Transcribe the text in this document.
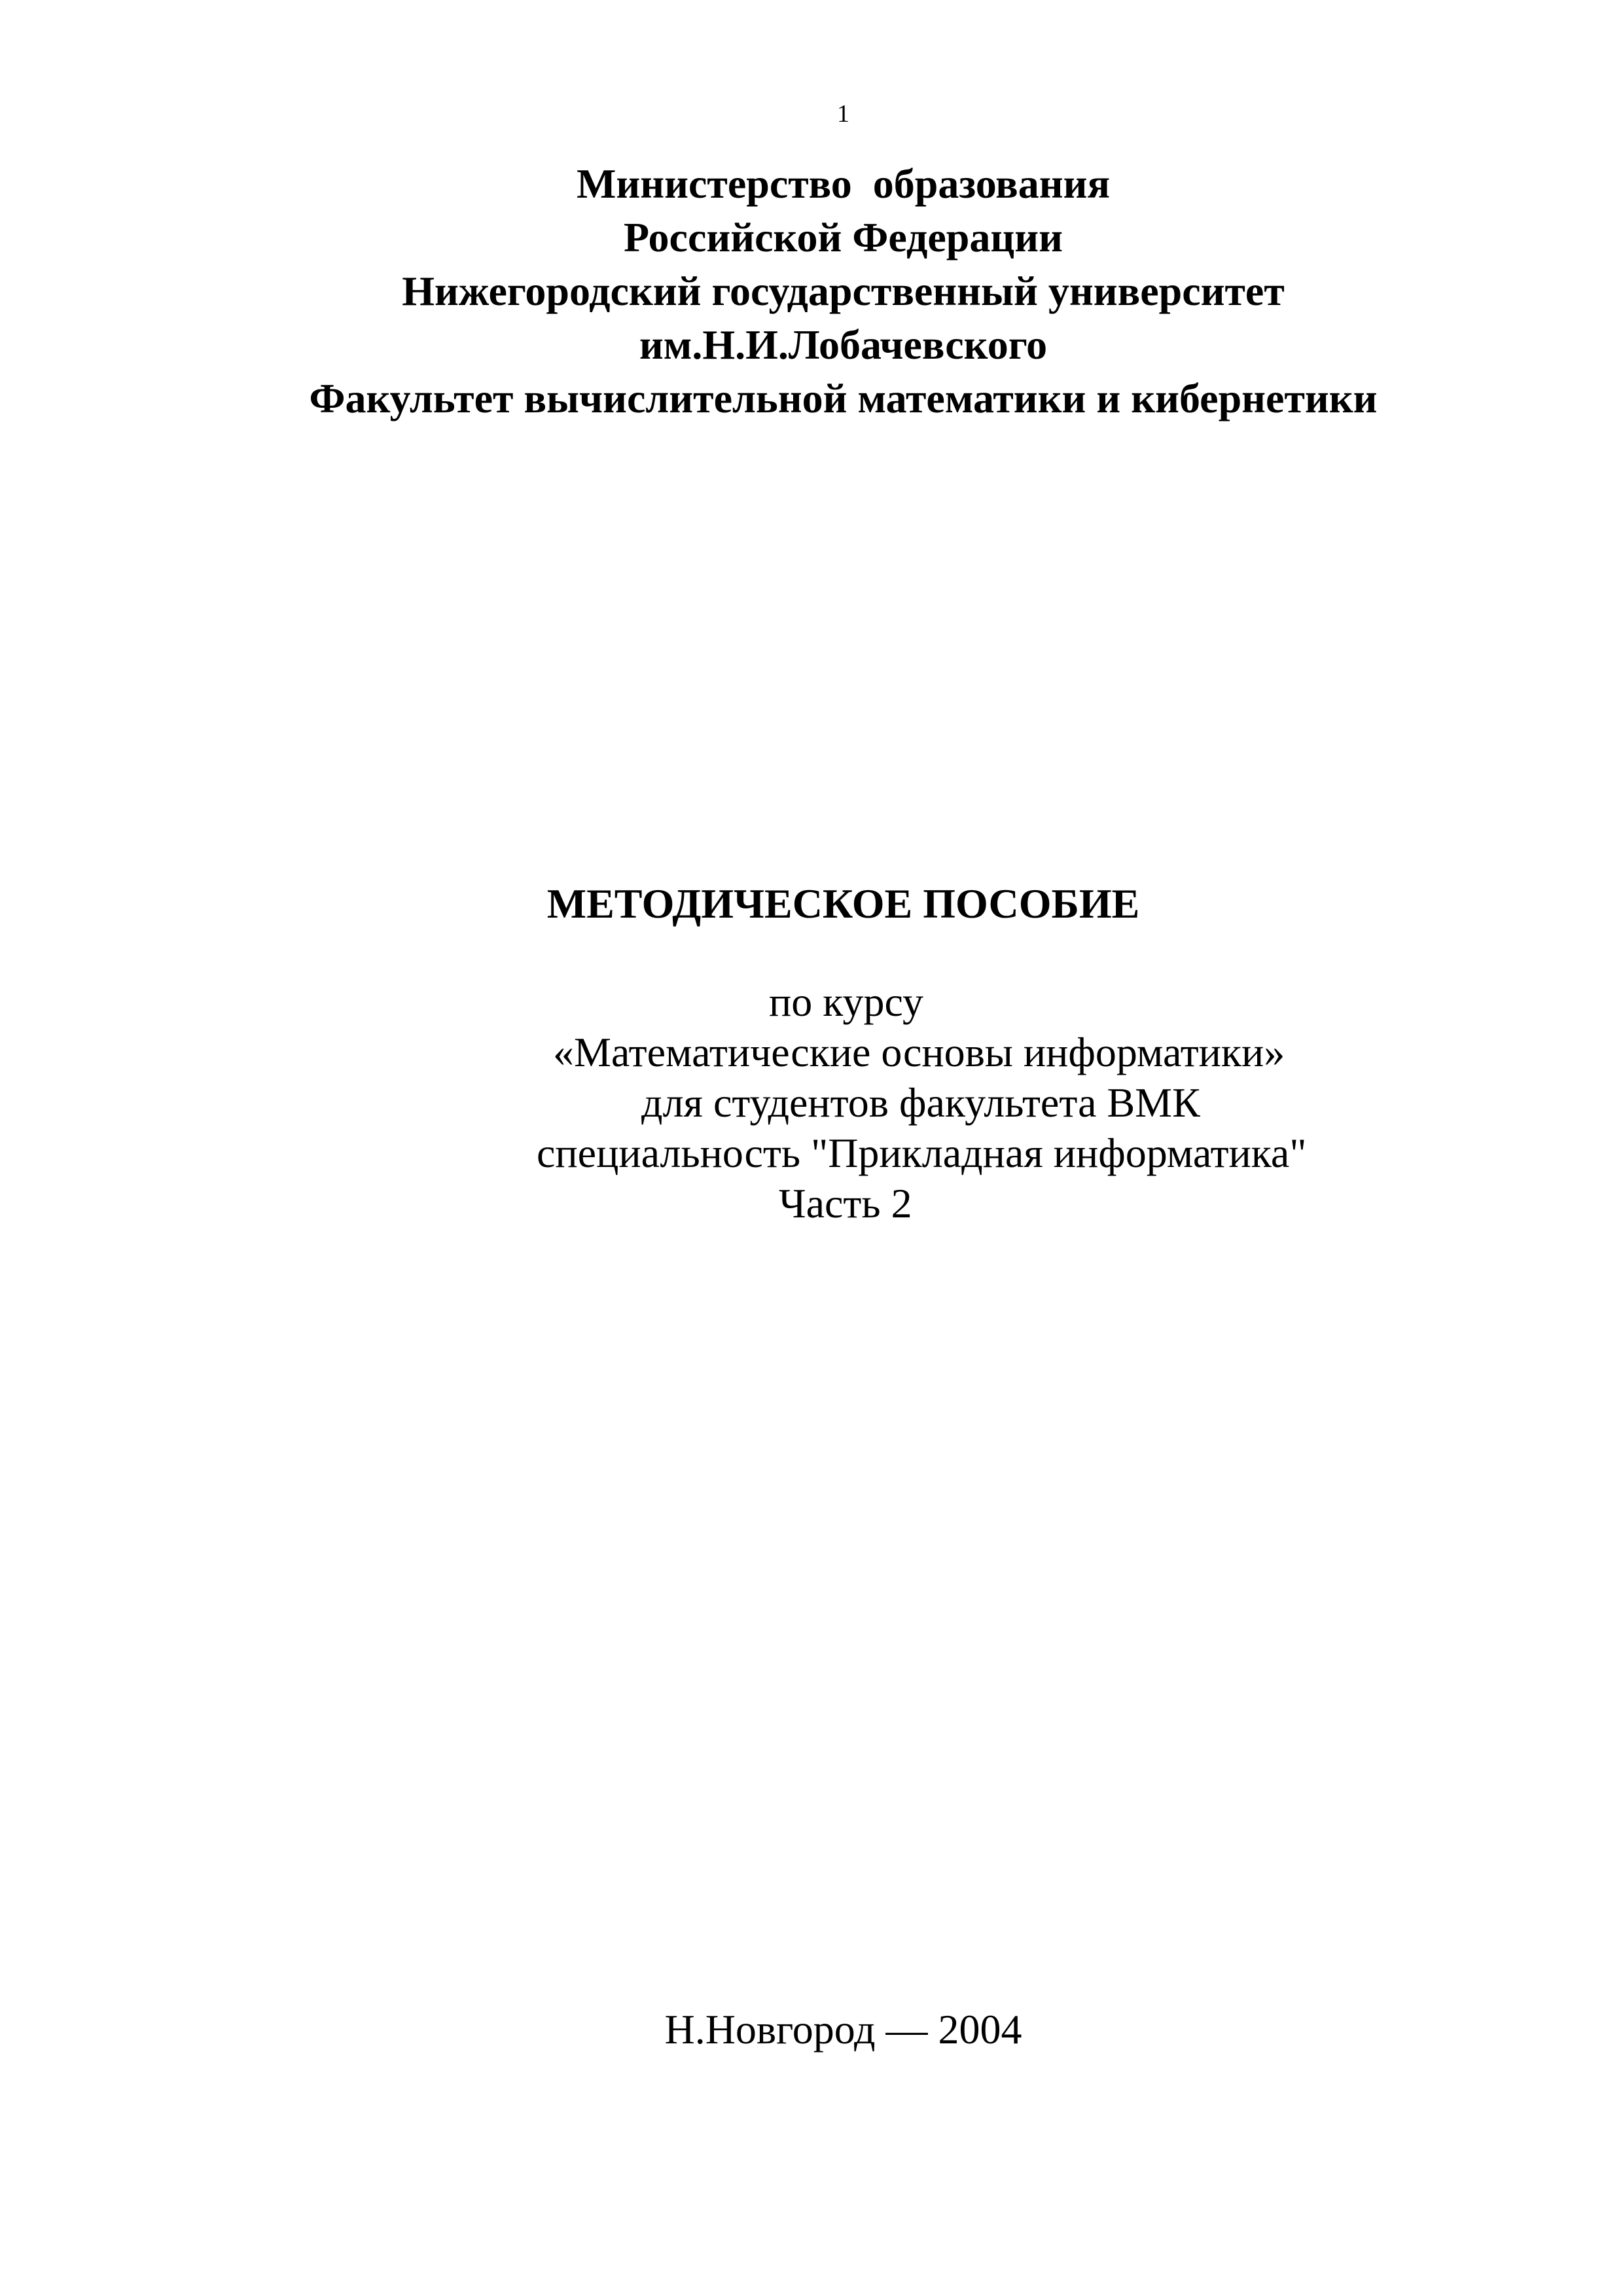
1
Министерство  образования
Российской Федерации
Нижегородский государственный университет
им.Н.И.Лобачевского
Факультет вычислительной математики и кибернетики
МЕТОДИЧЕСКОЕ ПОСОБИЕ
по курсу
«Математические основы информатики»
для студентов факультета ВМК
специальность "Прикладная информатика"
Часть 2
Н.Новгород — 2004
